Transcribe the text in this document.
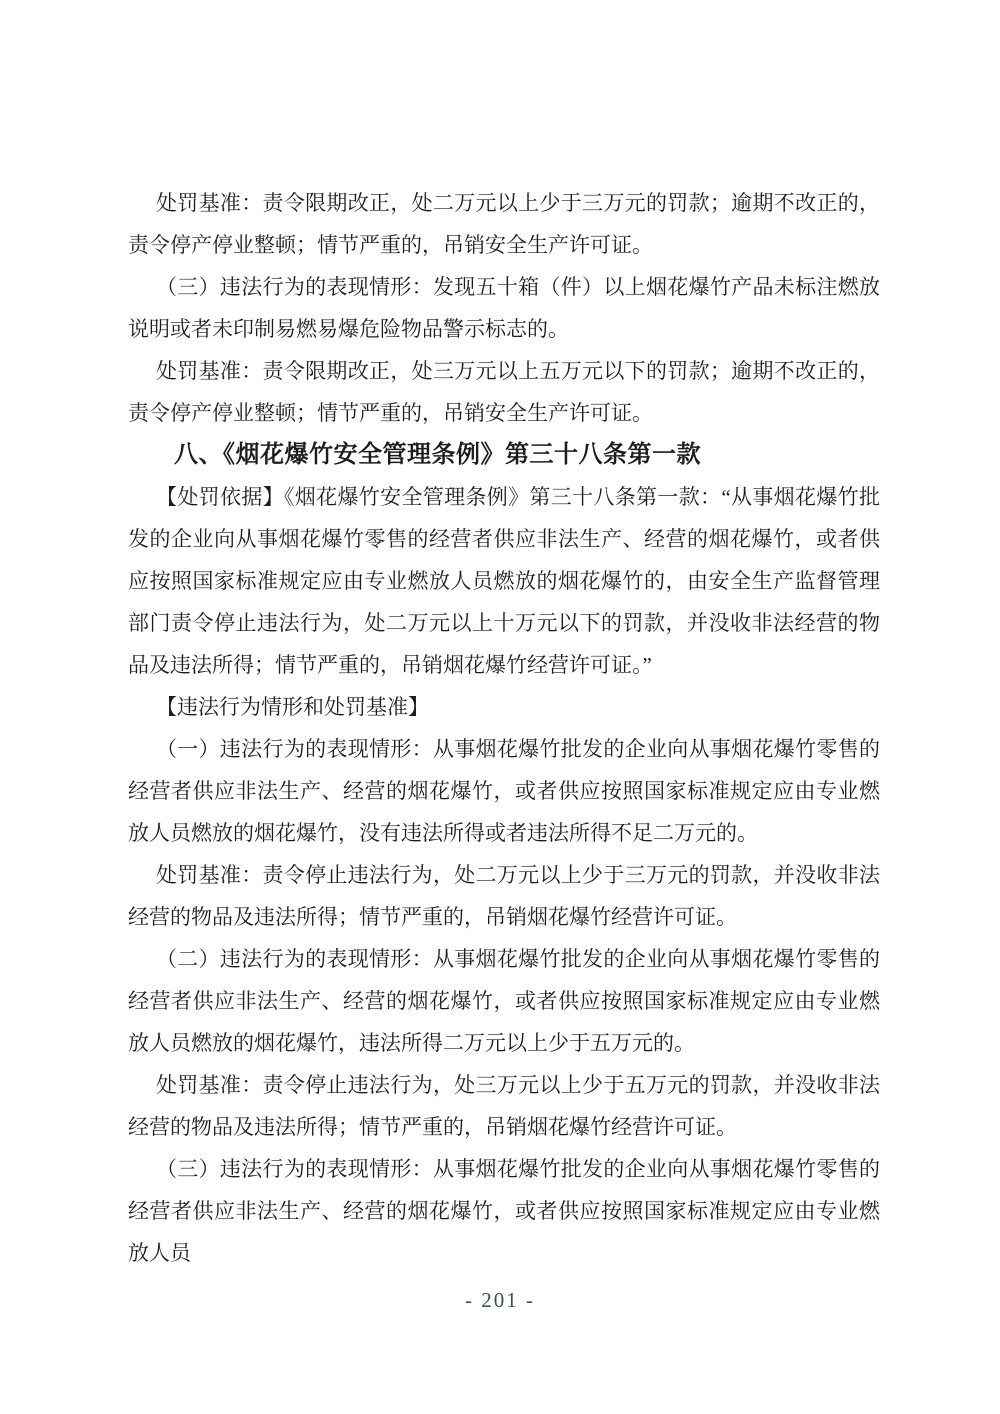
处罚基准：责令限期改正，处二万元以上少于三万元的罚款；逾期不改正的，责令停产停业整顿；情节严重的，吊销安全生产许可证。

（三）违法行为的表现情形：发现五十箱（件）以上烟花爆竹产品未标注燃放说明或者未印制易燃易爆危险物品警示标志的。

处罚基准：责令限期改正，处三万元以上五万元以下的罚款；逾期不改正的，责令停产停业整顿；情节严重的，吊销安全生产许可证。

八、《烟花爆竹安全管理条例》第三十八条第一款

【处罚依据】《烟花爆竹安全管理条例》第三十八条第一款：“从事烟花爆竹批发的企业向从事烟花爆竹零售的经营者供应非法生产、经营的烟花爆竹，或者供应按照国家标准规定应由专业燃放人员燃放的烟花爆竹的，由安全生产监督管理部门责令停止违法行为，处二万元以上十万元以下的罚款，并没收非法经营的物品及违法所得；情节严重的，吊销烟花爆竹经营许可证。”

【违法行为情形和处罚基准】

（一）违法行为的表现情形：从事烟花爆竹批发的企业向从事烟花爆竹零售的经营者供应非法生产、经营的烟花爆竹，或者供应按照国家标准规定应由专业燃放人员燃放的烟花爆竹，没有违法所得或者违法所得不足二万元的。

处罚基准：责令停止违法行为，处二万元以上少于三万元的罚款，并没收非法经营的物品及违法所得；情节严重的，吊销烟花爆竹经营许可证。

（二）违法行为的表现情形：从事烟花爆竹批发的企业向从事烟花爆竹零售的经营者供应非法生产、经营的烟花爆竹，或者供应按照国家标准规定应由专业燃放人员燃放的烟花爆竹，违法所得二万元以上少于五万元的。

处罚基准：责令停止违法行为，处三万元以上少于五万元的罚款，并没收非法经营的物品及违法所得；情节严重的，吊销烟花爆竹经营许可证。

（三）违法行为的表现情形：从事烟花爆竹批发的企业向从事烟花爆竹零售的经营者供应非法生产、经营的烟花爆竹，或者供应按照国家标准规定应由专业燃放人员

- 201 -
